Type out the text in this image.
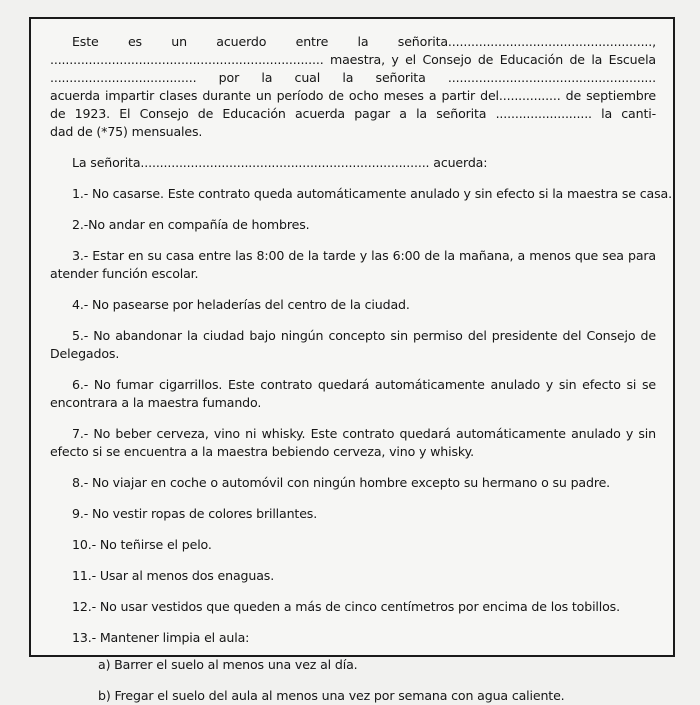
Este es un acuerdo entre la señorita.....................................................,
....................................................................... maestra, y el Consejo de Educación de la Escuela
...................................... por la cual la señorita ......................................................
acuerda impartir clases durante un período de ocho meses a partir del................ de septiembre
de 1923. El Consejo de Educación acuerda pagar a la señorita ......................... la canti-
dad de (*75) mensuales.
La señorita........................................................................... acuerda:
1.- No casarse. Este contrato queda automáticamente anulado y sin efecto si la maestra se casa.
2.-No andar en compañía de hombres.
3.- Estar en su casa entre las 8:00 de la tarde y las 6:00 de la mañana, a menos que sea para
atender función escolar.
4.- No pasearse por heladerías del centro de la ciudad.
5.- No abandonar la ciudad bajo ningún concepto sin permiso del presidente del Consejo de
Delegados.
6.- No fumar cigarrillos. Este contrato quedará automáticamente anulado y sin efecto si se
encontrara a la maestra fumando.
7.- No beber cerveza, vino ni whisky. Este contrato quedará automáticamente anulado y sin
efecto si se encuentra a la maestra bebiendo cerveza, vino y whisky.
8.- No viajar en coche o automóvil con ningún hombre excepto su hermano o su padre.
9.- No vestir ropas de colores brillantes.
10.- No teñirse el pelo.
11.- Usar al menos dos enaguas.
12.- No usar vestidos que queden a más de cinco centímetros por encima de los tobillos.
13.- Mantener limpia el aula:
a) Barrer el suelo al menos una vez al día.
b) Fregar el suelo del aula al menos una vez por semana con agua caliente.
